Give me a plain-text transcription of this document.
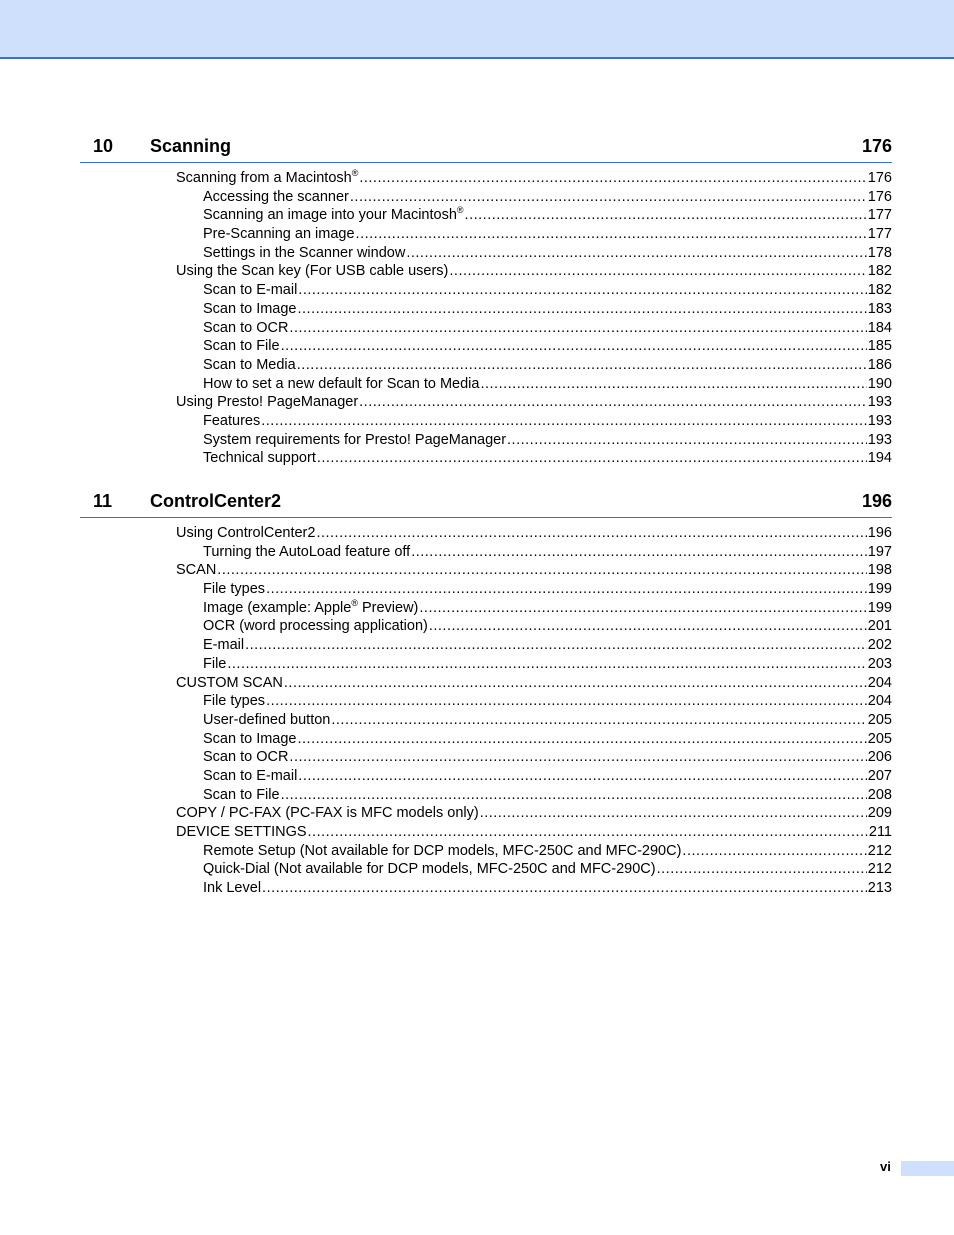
10 Scanning	176
Scanning from a Macintosh® .....	176
Accessing the scanner .....	176
Scanning an image into your Macintosh® .....	177
Pre-Scanning an image .....	177
Settings in the Scanner window .....	178
Using the Scan key (For USB cable users) .....	182
Scan to E-mail .....	182
Scan to Image .....	183
Scan to OCR .....	184
Scan to File .....	185
Scan to Media .....	186
How to set a new default for Scan to Media .....	190
Using Presto! PageManager .....	193
Features .....	193
System requirements for Presto! PageManager .....	193
Technical support .....	194
11 ControlCenter2	196
Using ControlCenter2 .....	196
Turning the AutoLoad feature off .....	197
SCAN .....	198
File types .....	199
Image (example: Apple® Preview) .....	199
OCR (word processing application) .....	201
E-mail .....	202
File .....	203
CUSTOM SCAN .....	204
File types .....	204
User-defined button .....	205
Scan to Image .....	205
Scan to OCR .....	206
Scan to E-mail .....	207
Scan to File .....	208
COPY / PC-FAX (PC-FAX is MFC models only) .....	209
DEVICE SETTINGS .....	211
Remote Setup (Not available for DCP models, MFC-250C and MFC-290C) .....	212
Quick-Dial (Not available for DCP models, MFC-250C and MFC-290C) .....	212
Ink Level .....	213
vi
